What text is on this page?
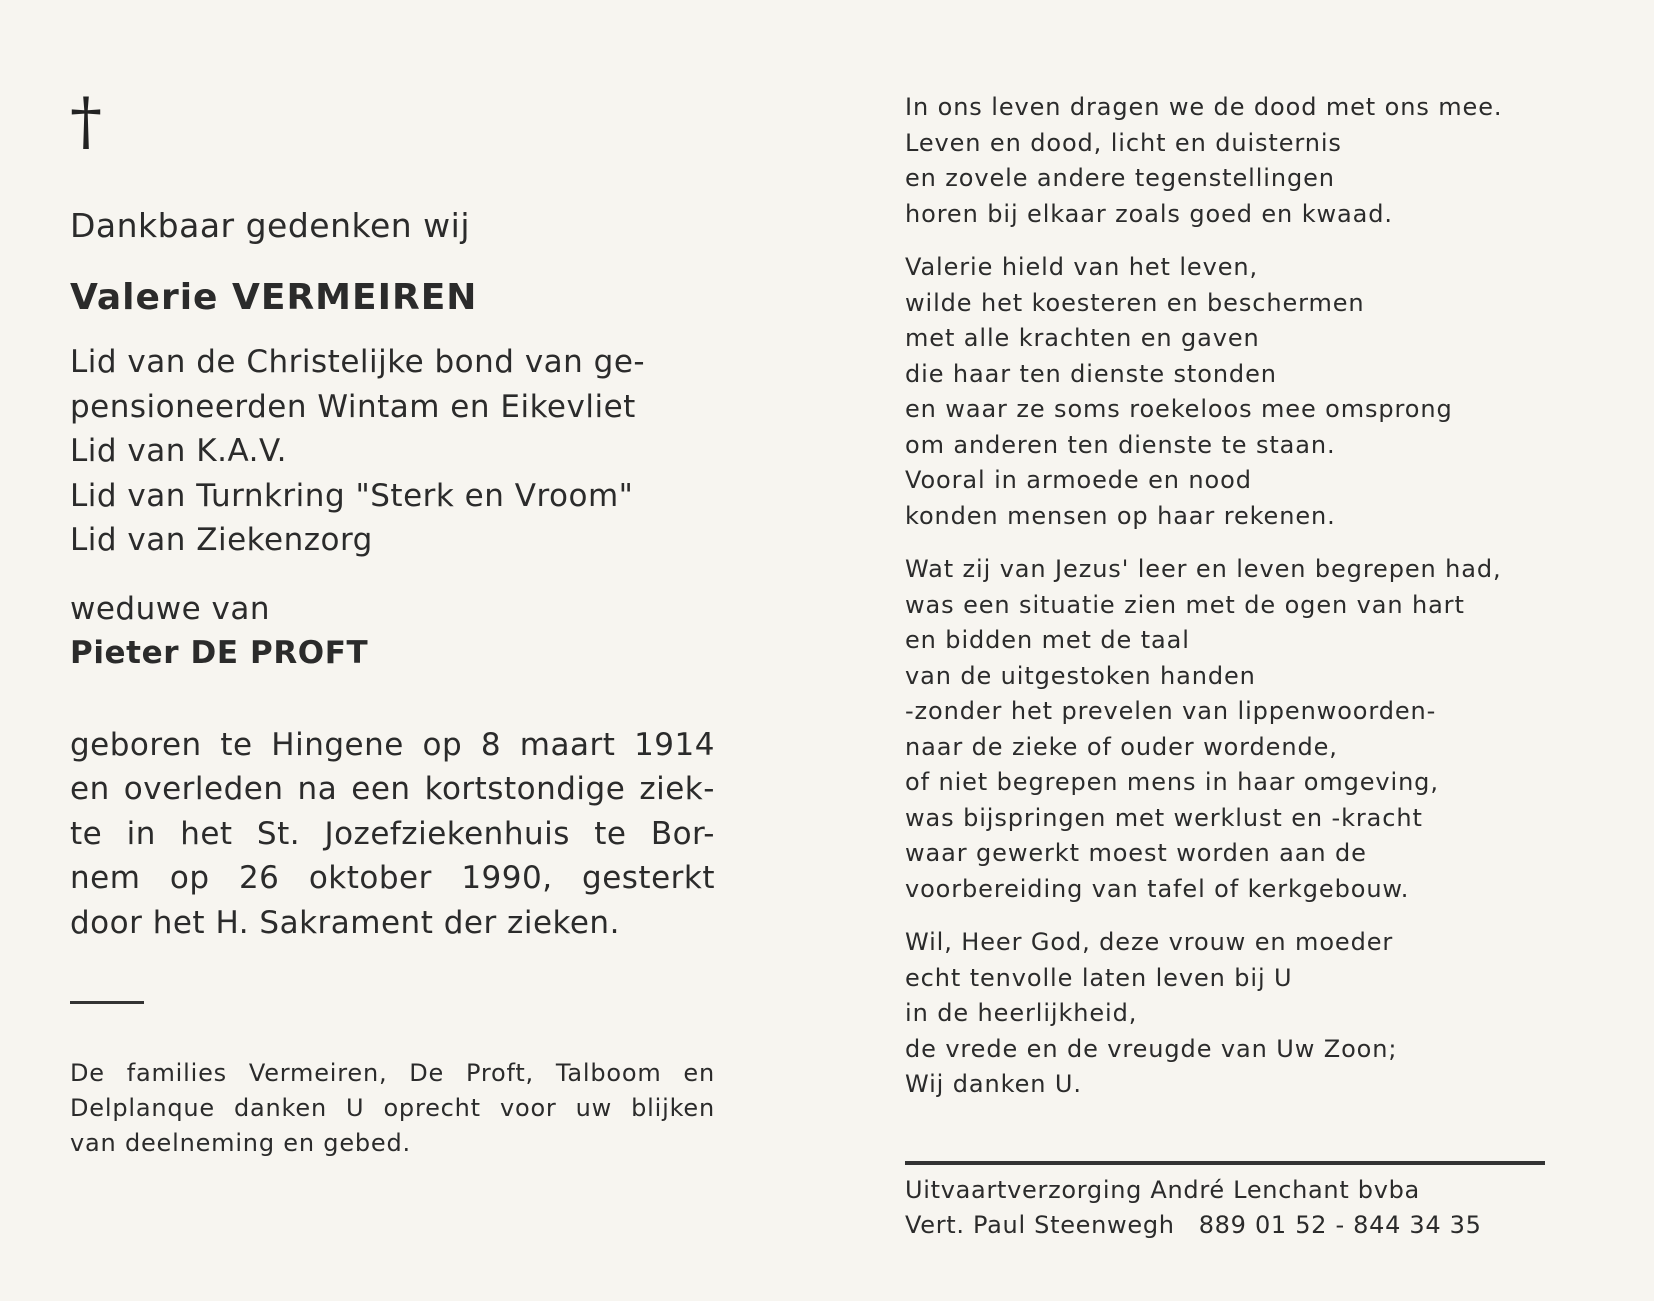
†
Dankbaar gedenken wij
Valerie VERMEIREN
Lid van de Christelijke bond van ge-
pensioneerden Wintam en Eikevliet
Lid van K.A.V.
Lid van Turnkring "Sterk en Vroom"
Lid van Ziekenzorg
weduwe van
Pieter DE PROFT
geboren te Hingene op 8 maart 1914
en overleden na een kortstondige ziek-
te in het St. Jozefziekenhuis te Bor-
nem op 26 oktober 1990, gesterkt
door het H. Sakrament der zieken.
De families Vermeiren, De Proft, Talboom en
Delplanque danken U oprecht voor uw blijken
van deelneming en gebed.
In ons leven dragen we de dood met ons mee.
Leven en dood, licht en duisternis
en zovele andere tegenstellingen
horen bij elkaar zoals goed en kwaad.
Valerie hield van het leven,
wilde het koesteren en beschermen
met alle krachten en gaven
die haar ten dienste stonden
en waar ze soms roekeloos mee omsprong
om anderen ten dienste te staan.
Vooral in armoede en nood
konden mensen op haar rekenen.
Wat zij van Jezus' leer en leven begrepen had,
was een situatie zien met de ogen van hart
en bidden met de taal
van de uitgestoken handen
-zonder het prevelen van lippenwoorden-
naar de zieke of ouder wordende,
of niet begrepen mens in haar omgeving,
was bijspringen met werklust en -kracht
waar gewerkt moest worden aan de
voorbereiding van tafel of kerkgebouw.
Wil, Heer God, deze vrouw en moeder
echt tenvolle laten leven bij U
in de heerlijkheid,
de vrede en de vreugde van Uw Zoon;
Wij danken U.
Uitvaartverzorging André Lenchant bvba
Vert. Paul Steenwegh 889 01 52 - 844 34 35
